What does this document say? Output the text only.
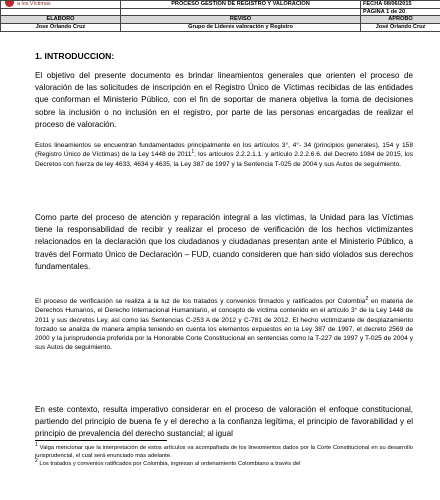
a los Víctimas	PROCESO GESTIÓN DE REGISTRO Y VALORACIÓN	FECHA 08/06/2015
		PÁGINA 1 de 20
ELABORÓ	REVISÓ	APROBÓ
Jose Orlando Cruz	Grupo de Lideres valoración y Registro	José Orlando Cruz
1. INTRODUCCION:

El objetivo del presente documento es brindar lineamientos generales que orienten el proceso de valoración de las solicitudes de inscripción en el Registro Único de Víctimas recibidas de las entidades que conforman el Ministerio Público, con el fin de soportar de manera objetiva la toma de decisiones sobre la inclusión o no inclusión en el registro, por parte de las personas encargadas de realizar el proceso de valoración.

Estos lineamientos se encuentran fundamentados principalmente en los artículos 3°, 4°- 34 (principios generales), 154 y 158 (Registro Único de Víctimas) de la Ley 1448 de 2011$^1$, los artículos 2.2.2.1.1. y artículo 2.2.2.6.6. del Decreto 1084 de 2015, los Decretos con fuerza de ley 4633, 4634 y 4635, la Ley 387 de 1997 y la Sentencia T-025 de 2004 y sus Autos de seguimiento.

Como parte del proceso de atención y reparación integral a las víctimas, la Unidad para las Víctimas tiene la responsabilidad de recibir y realizar el proceso de verificación de los hechos victimizantes relacionados en la declaración que los ciudadanos y ciudadanas presentan ante el Ministerio Público, a través del Formato Único de Declaración – FUD, cuando consideren que han sido violados sus derechos fundamentales.

El proceso de verificación se realiza a la luz de los tratados y convenios firmados y ratificados por Colombia$^2$ en materia de Derechos Humanos, el Derecho Internacional Humanitario, el concepto de víctima contenido en el artículo 3° de la Ley 1448 de 2011 y sus decretos Ley, así como las Sentencias C-253 A de 2012 y C-781 de 2012. El hecho victimizante de desplazamiento forzado se analiza de manera amplia teniendo en cuenta los elementos expuestos en la Ley 387 de 1997, el decreto 2569 de 2000 y la jurisprudencia proferida por la Honorable Corte Constitucional en sentencias como la T-227 de 1997 y T-025 de 2004 y sus Autos de seguimiento.

En este contexto, resulta imperativo considerar en el proceso de valoración el enfoque constitucional, partiendo del principio de buena fe y el derecho a la confianza legítima, el principio de favorabilidad y el principio de prevalencia del derecho sustancial; al igual

$^1$ Valga mencionar que la interpretación de estos artículos va acompañada de los lineamientos dados por la Corte Constitucional en su desarrollo jurisprudencial, el cual será enunciado más adelante.

$^2$ Los tratados y convenios ratificados por Colombia, ingresan al ordenamiento Colombiano a través del
